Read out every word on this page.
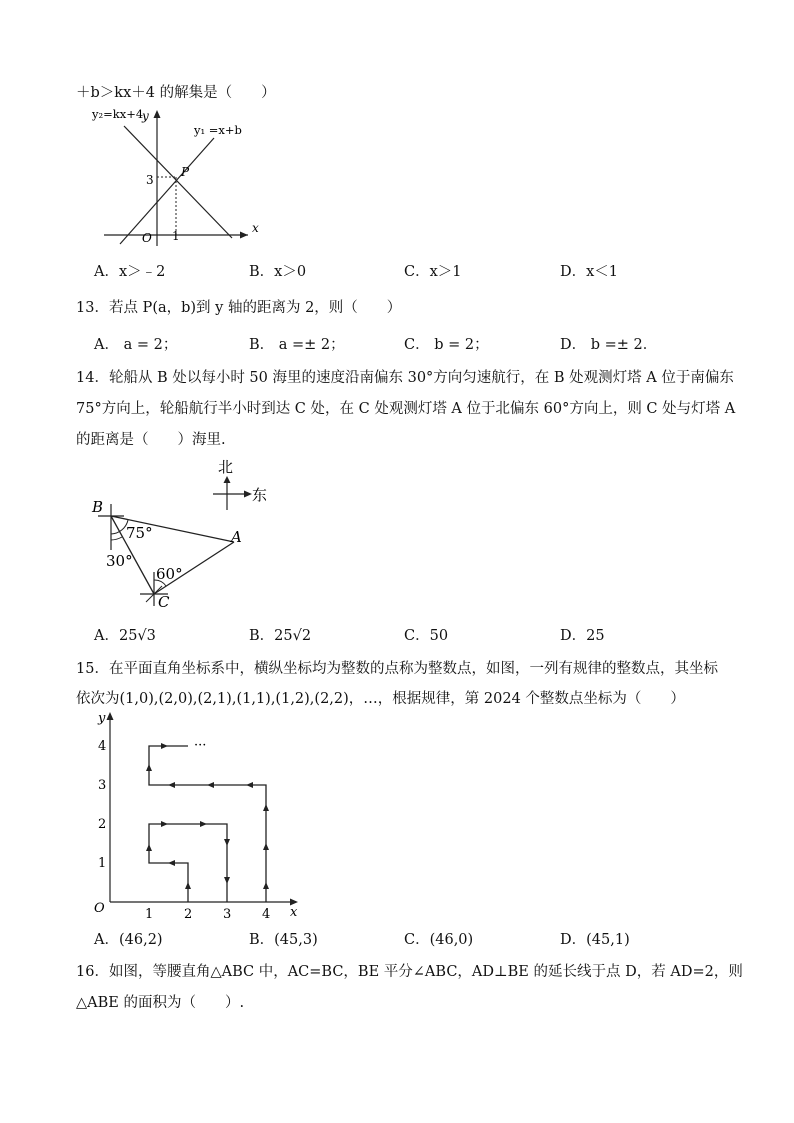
＋b＞kx＋4 的解集是（　　）
y₂=kx+4
y
y₁ =x+b
P
3
O 1
x
A．x＞﹣2	B．x＞0	C．x＞1	D．x＜1
13．若点 P(a，b)到 y 轴的距离为 2，则（　　）
A． a = 2；	B． a =± 2；	C． b = 2；	D． b =± 2．
14．轮船从 B 处以每小时 50 海里的速度沿南偏东 30°方向匀速航行，在 B 处观测灯塔 A 位于南偏东
75°方向上，轮船航行半小时到达 C 处，在 C 处观测灯塔 A 位于北偏东 60°方向上，则 C 处与灯塔 A
的距离是（　　）海里.
北
东
B
A
C
75°
30°
60°
A．25√3	B．25√2	C．50	D．25
15．在平面直角坐标系中，横纵坐标均为整数的点称为整数点，如图，一列有规律的整数点，其坐标
依次为(1,0),(2,0),(2,1),(1,1),(1,2),(2,2)，…，根据规律，第 2024 个整数点坐标为（　　）
y
x
O
4
3
2
1
1 2 3 4
···
A．(46,2)	B．(45,3)	C．(46,0)	D．(45,1)
16．如图，等腰直角△ABC 中，AC=BC，BE 平分∠ABC，AD⊥BE 的延长线于点 D，若 AD=2，则
△ABE 的面积为（　　）.
